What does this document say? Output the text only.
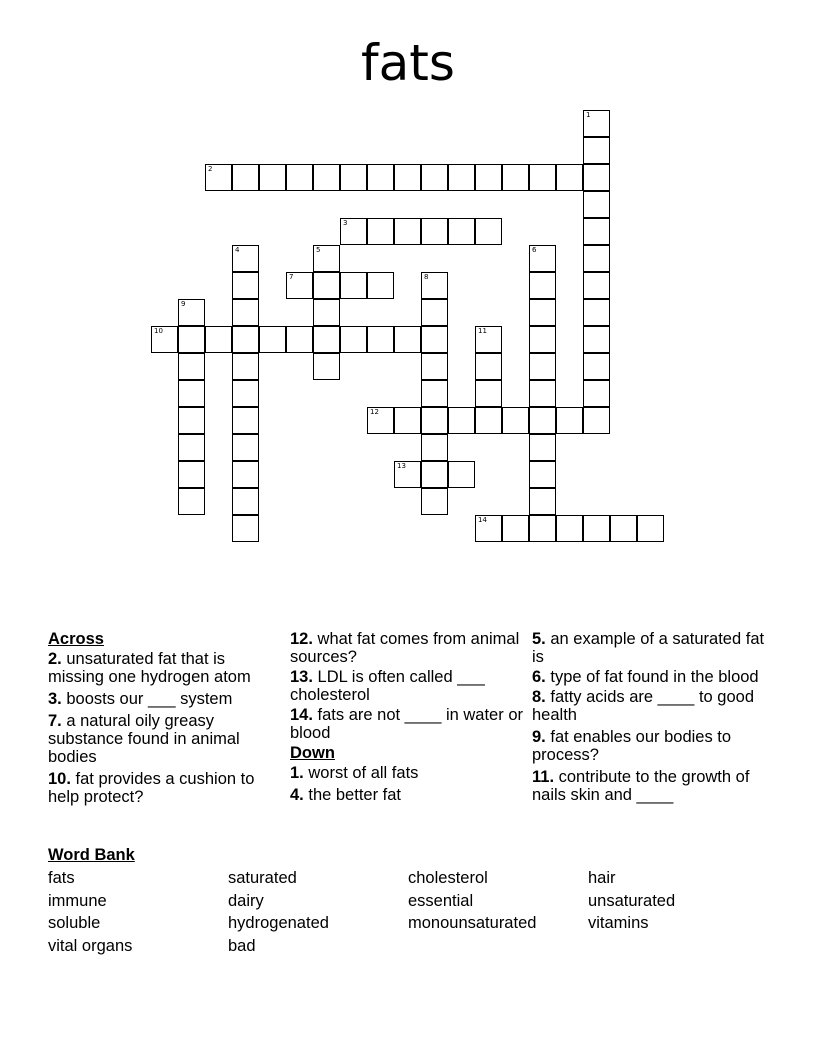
fats
1
2
3
4	5	6
7	8
9
10	11
12
13
14
Across
2. unsaturated fat that is missing one hydrogen atom
3. boosts our ___ system
7. a natural oily greasy substance found in animal bodies
10. fat provides a cushion to help protect?
12. what fat comes from animal sources?
13. LDL is often called ___ cholesterol
14. fats are not ____ in water or blood
Down
1. worst of all fats
4. the better fat
5. an example of a saturated fat is
6. type of fat found in the blood
8. fatty acids are ____ to good health
9. fat enables our bodies to process?
11. contribute to the growth of nails skin and ____
Word Bank
fats	saturated	cholesterol	hair
immune	dairy	essential	unsaturated
soluble	hydrogenated	monounsaturated	vitamins
vital organs	bad
